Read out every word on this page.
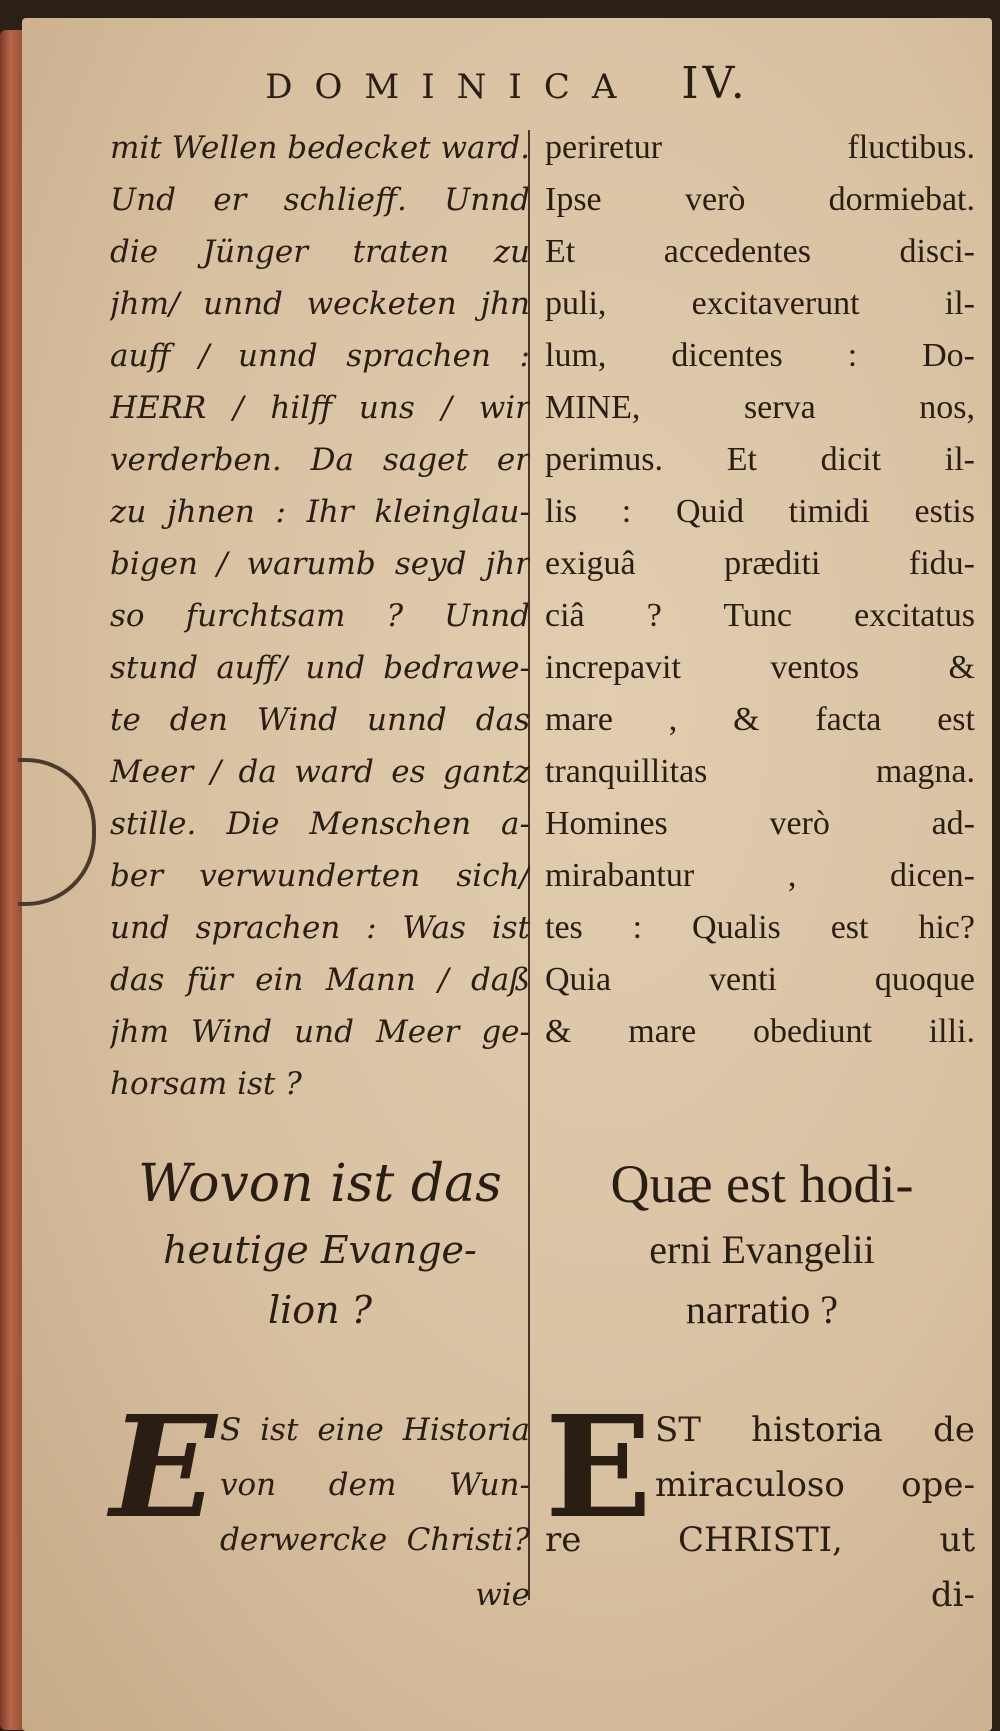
DOMINICA IV.
mit Wellen bedecket ward.
Und er schlieff. Unnd
die Jünger traten zu
jhm/ unnd wecketen jhn
auff / unnd sprachen :
HERR / hilff uns / wir
verderben. Da saget er
zu jhnen : Ihr kleinglau-
bigen / warumb seyd jhr
so furchtsam ? Unnd
stund auff/ und bedrawe-
te den Wind unnd das
Meer / da ward es gantz
stille. Die Menschen a-
ber verwunderten sich/
und sprachen : Was ist
das für ein Mann / daß
jhm Wind und Meer ge-
horsam ist ?
periretur fluctibus.
Ipse verò dormiebat.
Et accedentes disci-
puli, excitaverunt il-
lum, dicentes : Do-
MINE, serva nos,
perimus. Et dicit il-
lis : Quid timidi estis
exiguâ præditi fidu-
ciâ ? Tunc excitatus
increpavit ventos &
mare , & facta est
tranquillitas magna.
Homines verò ad-
mirabantur , dicen-
tes : Qualis est hic?
Quia venti quoque
& mare obediunt illi.
Wovon ist das
heutige Evange-
lion ?
Quæ est hodi-
erni Evangelii
narratio ?
E S ist eine Historia
von dem Wun-
derwercke Christi?
wie
E ST historia de
miraculoso ope-
re CHRISTI, ut
di-
